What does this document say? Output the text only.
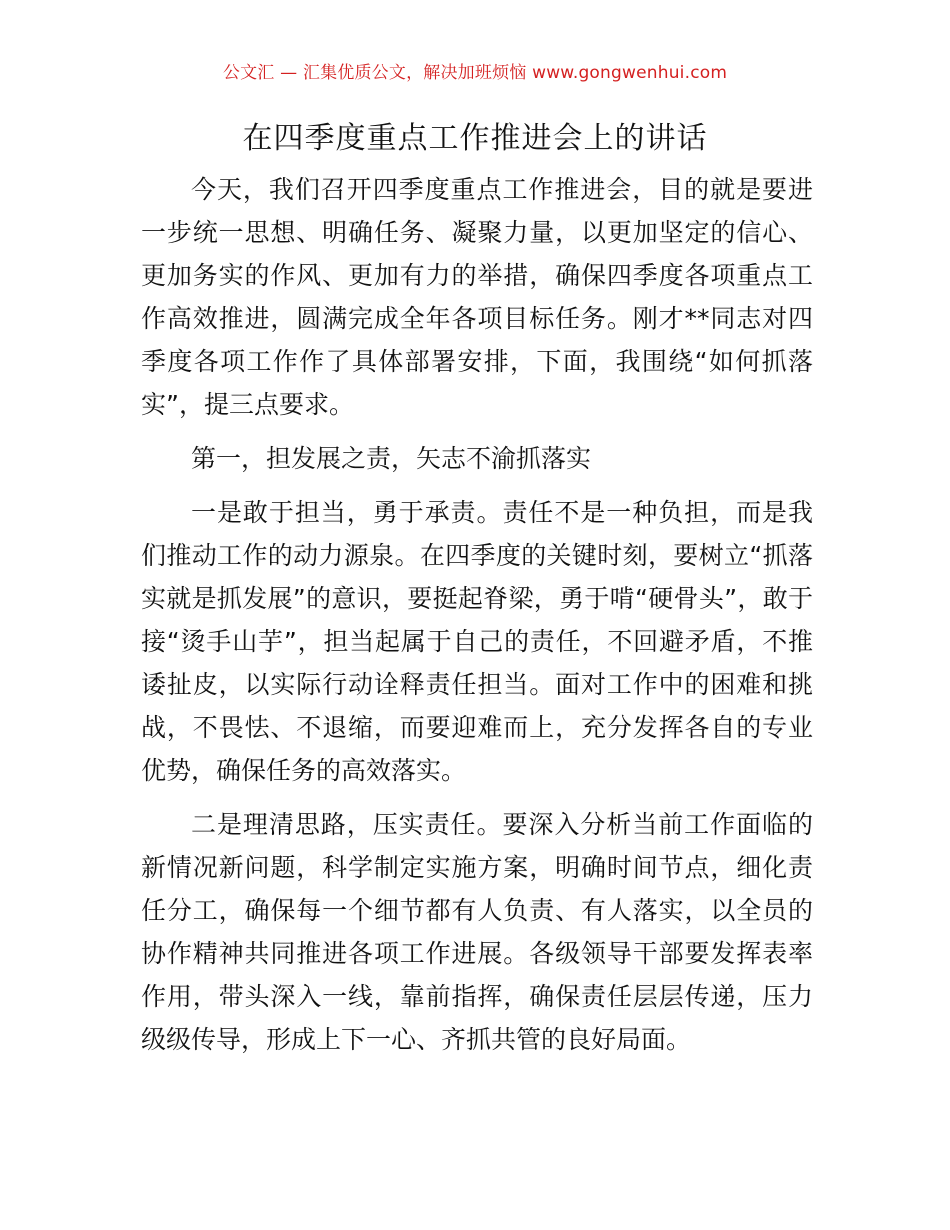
公文汇 — 汇集优质公文，解决加班烦恼 www.gongwenhui.com
在四季度重点工作推进会上的讲话

今天，我们召开四季度重点工作推进会，目的就是要进一步统一思想、明确任务、凝聚力量，以更加坚定的信心、更加务实的作风、更加有力的举措，确保四季度各项重点工作高效推进，圆满完成全年各项目标任务。刚才**同志对四季度各项工作作了具体部署安排，下面，我围绕“如何抓落实”，提三点要求。

第一，担发展之责，矢志不渝抓落实

一是敢于担当，勇于承责。责任不是一种负担，而是我们推动工作的动力源泉。在四季度的关键时刻，要树立“抓落实就是抓发展”的意识，要挺起脊梁，勇于啃“硬骨头”，敢于接“烫手山芋”，担当起属于自己的责任，不回避矛盾，不推诿扯皮，以实际行动诠释责任担当。面对工作中的困难和挑战，不畏怯、不退缩，而要迎难而上，充分发挥各自的专业优势，确保任务的高效落实。

二是理清思路，压实责任。要深入分析当前工作面临的新情况新问题，科学制定实施方案，明确时间节点，细化责任分工，确保每一个细节都有人负责、有人落实，以全员的协作精神共同推进各项工作进展。各级领导干部要发挥表率作用，带头深入一线，靠前指挥，确保责任层层传递，压力级级传导，形成上下一心、齐抓共管的良好局面。
